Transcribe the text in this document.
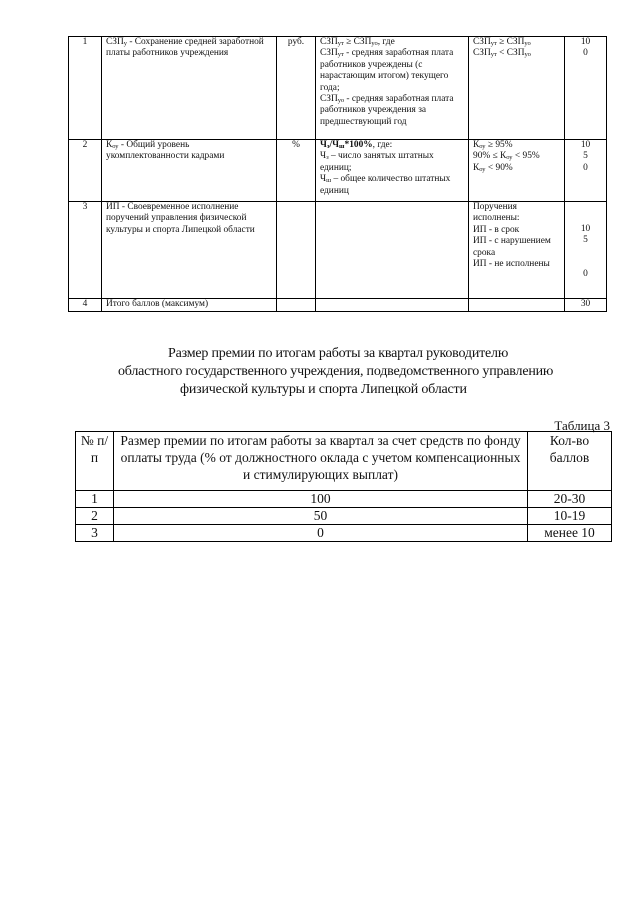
1	СЗПу - Сохранение средней заработной платы работников учреждения	руб.	СЗПут ≥ СЗПуо, где
СЗПут - средняя заработная плата работников учреждены (с нарастающим итогом) текущего года;
СЗПуо - средняя заработная плата работников учреждения за предшествующий год	СЗПут ≥ СЗПуо
СЗПут < СЗПуо	10
0
2	Коу - Общий уровень укомплектованности кадрами	%	Чз/Чш*100%, где:
Чз – число занятых штатных единиц;
Чш – общее количество штатных единиц	Коу ≥ 95%
90% ≤ Коу < 95%
Коу < 90%	10
5
0
3	ИП - Своевременное исполнение поручений управления физической культуры и спорта Липецкой области			Поручения исполнены:
ИП - в срок
ИП - с нарушением срока
ИП - не исполнены	10
5

0
4	Итого баллов (максимум)				30
Размер премии по итогам работы за квартал руководителю
областного государственного учреждения, подведомственного управлению
физической культуры и спорта Липецкой области
Таблица 3
№ п/п	Размер премии по итогам работы за квартал за счет средств по фонду оплаты труда (% от должностного оклада с учетом компенсационных и стимулирующих выплат)	Кол-во баллов
1	100	20-30
2	50	10-19
3	0	менее 10
